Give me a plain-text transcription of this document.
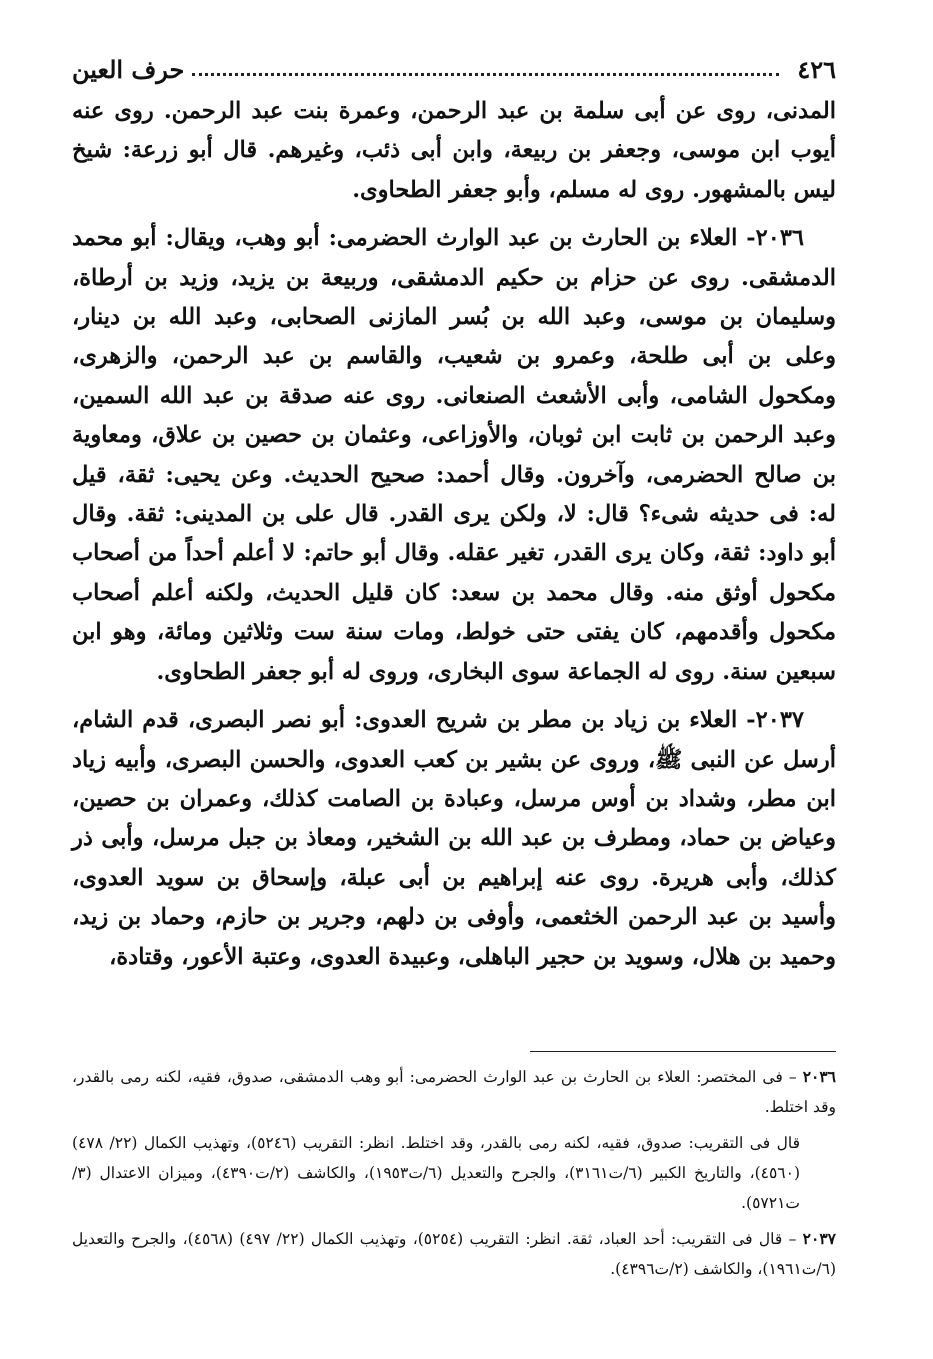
٤٢٦
حرف العين

المدنى، روى عن أبى سلمة بن عبد الرحمن، وعمرة بنت عبد الرحمن. روى عنه أيوب ابن موسى، وجعفر بن ربيعة، وابن أبى ذئب، وغيرهم. قال أبو زرعة: شيخ ليس بالمشهور. روى له مسلم، وأبو جعفر الطحاوى.

٢٠٣٦- العلاء بن الحارث بن عبد الوارث الحضرمى: أبو وهب، ويقال: أبو محمد الدمشقى. روى عن حزام بن حكيم الدمشقى، وربيعة بن يزيد، وزيد بن أرطاة، وسليمان بن موسى، وعبد الله بن بُسر المازنى الصحابى، وعبد الله بن دينار، وعلى بن أبى طلحة، وعمرو بن شعيب، والقاسم بن عبد الرحمن، والزهرى، ومكحول الشامى، وأبى الأشعث الصنعانى. روى عنه صدقة بن عبد الله السمين، وعبد الرحمن بن ثابت ابن ثوبان، والأوزاعى، وعثمان بن حصين بن علاق، ومعاوية بن صالح الحضرمى، وآخرون. وقال أحمد: صحيح الحديث. وعن يحيى: ثقة، قيل له: فى حديثه شىء؟ قال: لا، ولكن يرى القدر. قال على بن المدينى: ثقة. وقال أبو داود: ثقة، وكان يرى القدر، تغير عقله. وقال أبو حاتم: لا أعلم أحداً من أصحاب مكحول أوثق منه. وقال محمد بن سعد: كان قليل الحديث، ولكنه أعلم أصحاب مكحول وأقدمهم، كان يفتى حتى خولط، ومات سنة ست وثلاثين ومائة، وهو ابن سبعين سنة. روى له الجماعة سوى البخارى، وروى له أبو جعفر الطحاوى.

٢٠٣٧- العلاء بن زياد بن مطر بن شريح العدوى: أبو نصر البصرى، قدم الشام، أرسل عن النبى ﷺ، وروى عن بشير بن كعب العدوى، والحسن البصرى، وأبيه زياد ابن مطر، وشداد بن أوس مرسل، وعبادة بن الصامت كذلك، وعمران بن حصين، وعياض بن حماد، ومطرف بن عبد الله بن الشخير، ومعاذ بن جبل مرسل، وأبى ذر كذلك، وأبى هريرة. روى عنه إبراهيم بن أبى عبلة، وإسحاق بن سويد العدوى، وأسيد بن عبد الرحمن الخثعمى، وأوفى بن دلهم، وجرير بن حازم، وحماد بن زيد، وحميد بن هلال، وسويد بن حجير الباهلى، وعبيدة العدوى، وعتبة الأعور، وقتادة،

٢٠٣٦ – فى المختصر: العلاء بن الحارث بن عبد الوارث الحضرمى: أبو وهب الدمشقى، صدوق، فقيه، لكنه رمى بالقدر، وقد اختلط.

قال فى التقريب: صدوق، فقيه، لكنه رمى بالقدر، وقد اختلط. انظر: التقريب (٥٢٤٦)، وتهذيب الكمال (٢٢/ ٤٧٨) (٤٥٦٠)، والتاريخ الكبير (٦/ت٣١٦١)، والجرح والتعديل (٦/ت١٩٥٣)، والكاشف (٢/ت٤٣٩٠)، وميزان الاعتدال (٣/ت٥٧٢١).

٢٠٣٧ – قال فى التقريب: أحد العباد، ثقة. انظر: التقريب (٥٢٥٤)، وتهذيب الكمال (٢٢/ ٤٩٧) (٤٥٦٨)، والجرح والتعديل (٦/ت١٩٦١)، والكاشف (٢/ت٤٣٩٦).
